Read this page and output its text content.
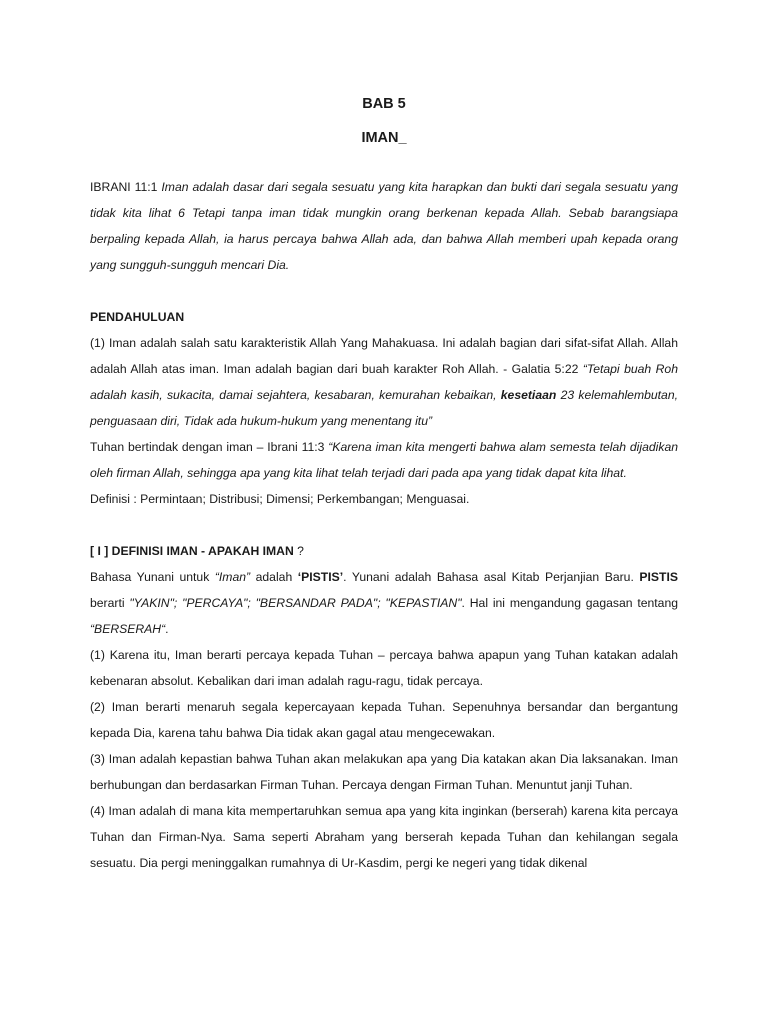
BAB 5

IMAN_

IBRANI 11:1 Iman adalah dasar dari segala sesuatu yang kita harapkan dan bukti dari segala sesuatu yang tidak kita lihat 6 Tetapi tanpa iman tidak mungkin orang berkenan kepada Allah. Sebab barangsiapa berpaling kepada Allah, ia harus percaya bahwa Allah ada, dan bahwa Allah memberi upah kepada orang yang sungguh-sungguh mencari Dia.

PENDAHULUAN

(1) Iman adalah salah satu karakteristik Allah Yang Mahakuasa. Ini adalah bagian dari sifat-sifat Allah. Allah adalah Allah atas iman. Iman adalah bagian dari buah karakter Roh Allah. - Galatia 5:22 “Tetapi buah Roh adalah kasih, sukacita, damai sejahtera, kesabaran, kemurahan kebaikan, kesetiaan 23 kelemahlembutan, penguasaan diri, Tidak ada hukum-hukum yang menentang itu”

Tuhan bertindak dengan iman – Ibrani 11:3 “Karena iman kita mengerti bahwa alam semesta telah dijadikan oleh firman Allah, sehingga apa yang kita lihat telah terjadi dari pada apa yang tidak dapat kita lihat.

Definisi : Permintaan; Distribusi; Dimensi; Perkembangan; Menguasai.

[ I ] DEFINISI IMAN - APAKAH IMAN ?

Bahasa Yunani untuk “Iman” adalah ‘PISTIS’. Yunani adalah Bahasa asal Kitab Perjanjian Baru. PISTIS berarti "YAKIN"; "PERCAYA"; "BERSANDAR PADA"; "KEPASTIAN". Hal ini mengandung gagasan tentang “BERSERAH“.

(1) Karena itu, Iman berarti percaya kepada Tuhan – percaya bahwa apapun yang Tuhan katakan adalah kebenaran absolut. Kebalikan dari iman adalah ragu-ragu, tidak percaya.

(2) Iman berarti menaruh segala kepercayaan kepada Tuhan. Sepenuhnya bersandar dan bergantung kepada Dia, karena tahu bahwa Dia tidak akan gagal atau mengecewakan.

(3) Iman adalah kepastian bahwa Tuhan akan melakukan apa yang Dia katakan akan Dia laksanakan. Iman berhubungan dan berdasarkan Firman Tuhan. Percaya dengan Firman Tuhan. Menuntut janji Tuhan.

(4) Iman adalah di mana kita mempertaruhkan semua apa yang kita inginkan (berserah) karena kita percaya Tuhan dan Firman-Nya. Sama seperti Abraham yang berserah kepada Tuhan dan kehilangan segala sesuatu. Dia pergi meninggalkan rumahnya di Ur-Kasdim, pergi ke negeri yang tidak dikenal
